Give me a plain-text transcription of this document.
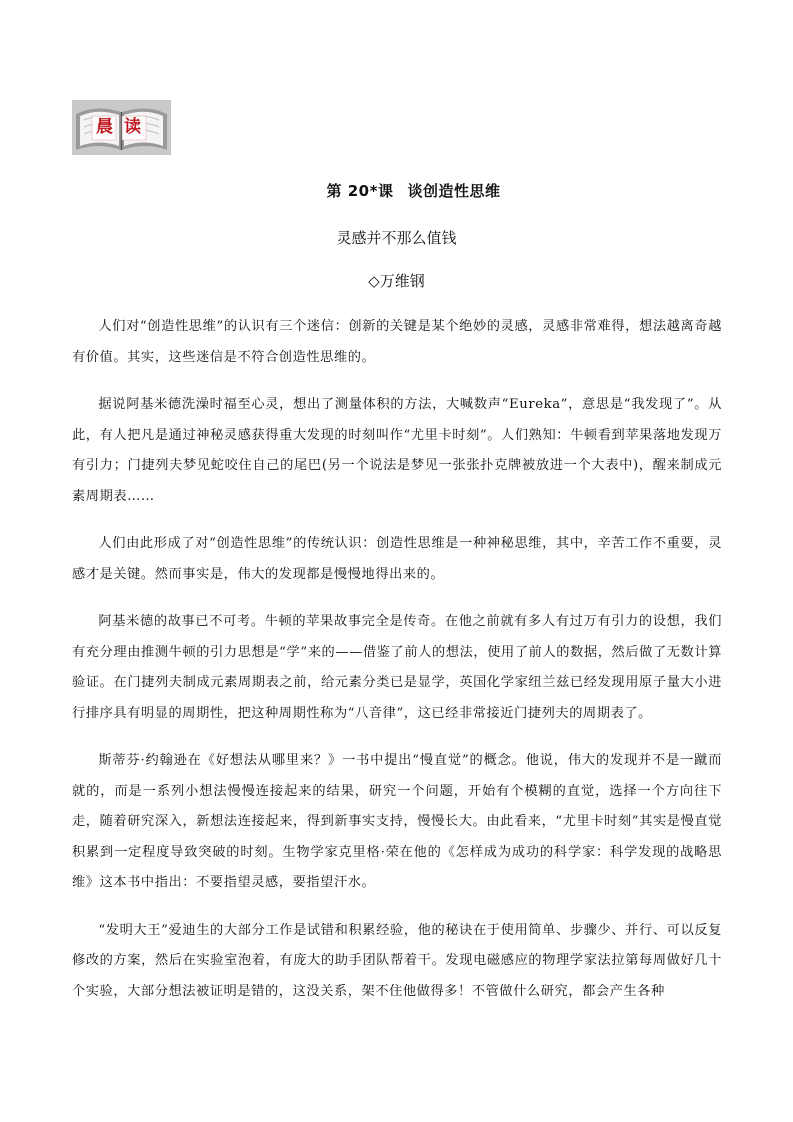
晨 读
第 20*课 谈创造性思维
灵感并不那么值钱
◇万维钢

人们对“创造性思维”的认识有三个迷信：创新的关键是某个绝妙的灵感，灵感非常难得，想法越离奇越有价值。其实，这些迷信是不符合创造性思维的。

据说阿基米德洗澡时福至心灵，想出了测量体积的方法，大喊数声“Eureka”，意思是“我发现了”。从此，有人把凡是通过神秘灵感获得重大发现的时刻叫作“尤里卡时刻”。人们熟知：牛顿看到苹果落地发现万有引力；门捷列夫梦见蛇咬住自己的尾巴(另一个说法是梦见一张张扑克牌被放进一个大表中)，醒来制成元素周期表……

人们由此形成了对“创造性思维”的传统认识：创造性思维是一种神秘思维，其中，辛苦工作不重要，灵感才是关键。然而事实是，伟大的发现都是慢慢地得出来的。

阿基米德的故事已不可考。牛顿的苹果故事完全是传奇。在他之前就有多人有过万有引力的设想，我们有充分理由推测牛顿的引力思想是“学”来的——借鉴了前人的想法，使用了前人的数据，然后做了无数计算验证。在门捷列夫制成元素周期表之前，给元素分类已是显学，英国化学家纽兰兹已经发现用原子量大小进行排序具有明显的周期性，把这种周期性称为“八音律”，这已经非常接近门捷列夫的周期表了。

斯蒂芬·约翰逊在《好想法从哪里来？》一书中提出“慢直觉”的概念。他说，伟大的发现并不是一蹴而就的，而是一系列小想法慢慢连接起来的结果，研究一个问题，开始有个模糊的直觉，选择一个方向往下走，随着研究深入，新想法连接起来，得到新事实支持，慢慢长大。由此看来，“尤里卡时刻”其实是慢直觉积累到一定程度导致突破的时刻。生物学家克里格·荣在他的《怎样成为成功的科学家：科学发现的战略思维》这本书中指出：不要指望灵感，要指望汗水。

“发明大王”爱迪生的大部分工作是试错和积累经验，他的秘诀在于使用简单、步骤少、并行、可以反复修改的方案，然后在实验室泡着，有庞大的助手团队帮着干。发现电磁感应的物理学家法拉第每周做好几十个实验，大部分想法被证明是错的，这没关系，架不住他做得多！不管做什么研究，都会产生各种
